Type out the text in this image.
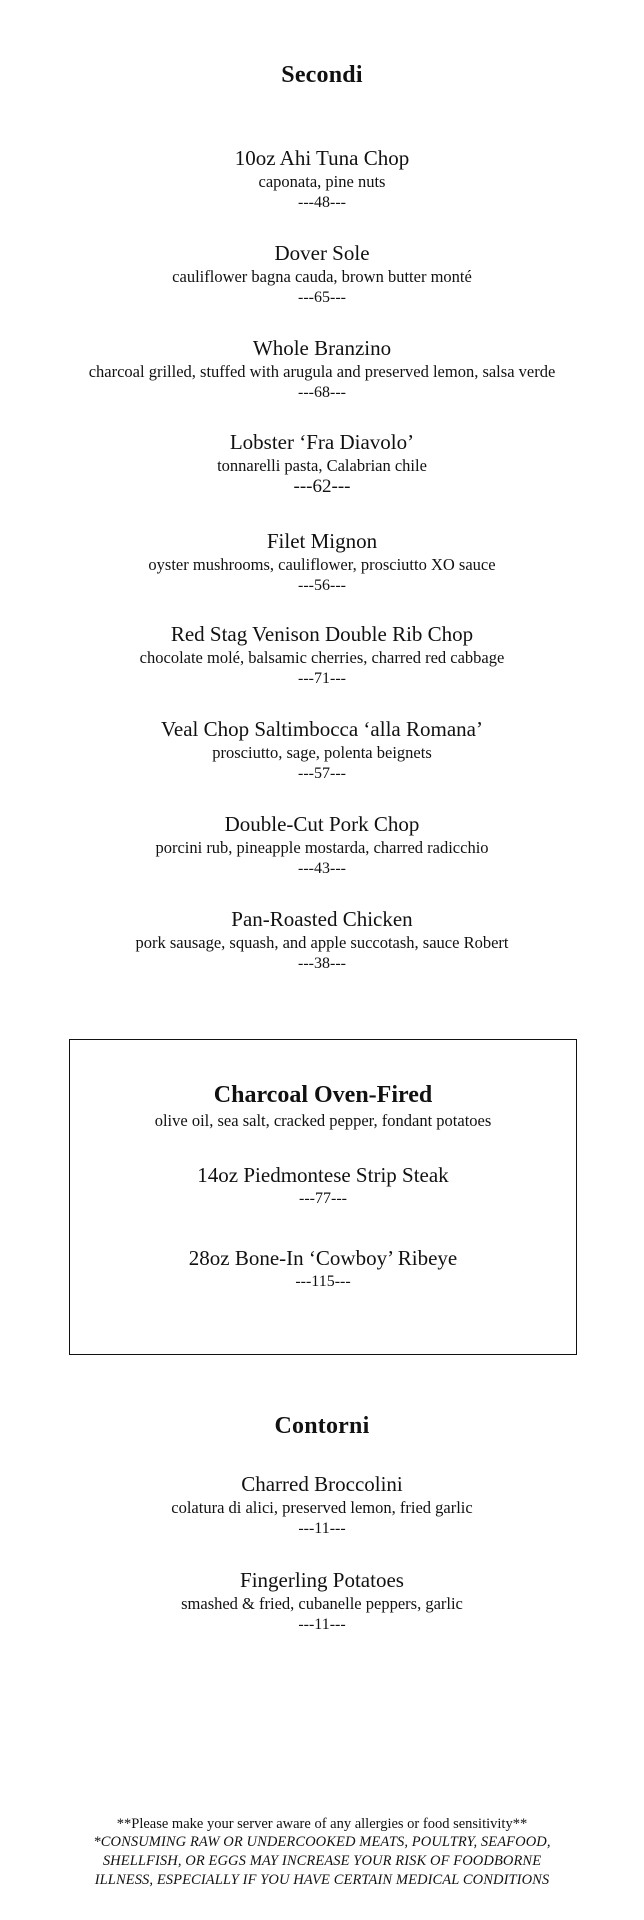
Secondi
10oz Ahi Tuna Chop
caponata, pine nuts
---48---
Dover Sole
cauliflower bagna cauda, brown butter monté
---65---
Whole Branzino
charcoal grilled, stuffed with arugula and preserved lemon, salsa verde
---68---
Lobster ‘Fra Diavolo’
tonnarelli pasta, Calabrian chile
---62---
Filet Mignon
oyster mushrooms, cauliflower, prosciutto XO sauce
---56---
Red Stag Venison Double Rib Chop
chocolate molé, balsamic cherries, charred red cabbage
---71---
Veal Chop Saltimbocca ‘alla Romana’
prosciutto, sage, polenta beignets
---57---
Double-Cut Pork Chop
porcini rub, pineapple mostarda, charred radicchio
---43---
Pan-Roasted Chicken
pork sausage, squash, and apple succotash, sauce Robert
---38---
Charcoal Oven-Fired
olive oil, sea salt, cracked pepper, fondant potatoes
14oz Piedmontese Strip Steak
---77---
28oz Bone-In ‘Cowboy’ Ribeye
---115---
Contorni
Charred Broccolini
colatura di alici, preserved lemon, fried garlic
---11---
Fingerling Potatoes
smashed & fried, cubanelle peppers, garlic
---11---
**Please make your server aware of any allergies or food sensitivity**
*CONSUMING RAW OR UNDERCOOKED MEATS, POULTRY, SEAFOOD,
SHELLFISH, OR EGGS MAY INCREASE YOUR RISK OF FOODBORNE
ILLNESS, ESPECIALLY IF YOU HAVE CERTAIN MEDICAL CONDITIONS
